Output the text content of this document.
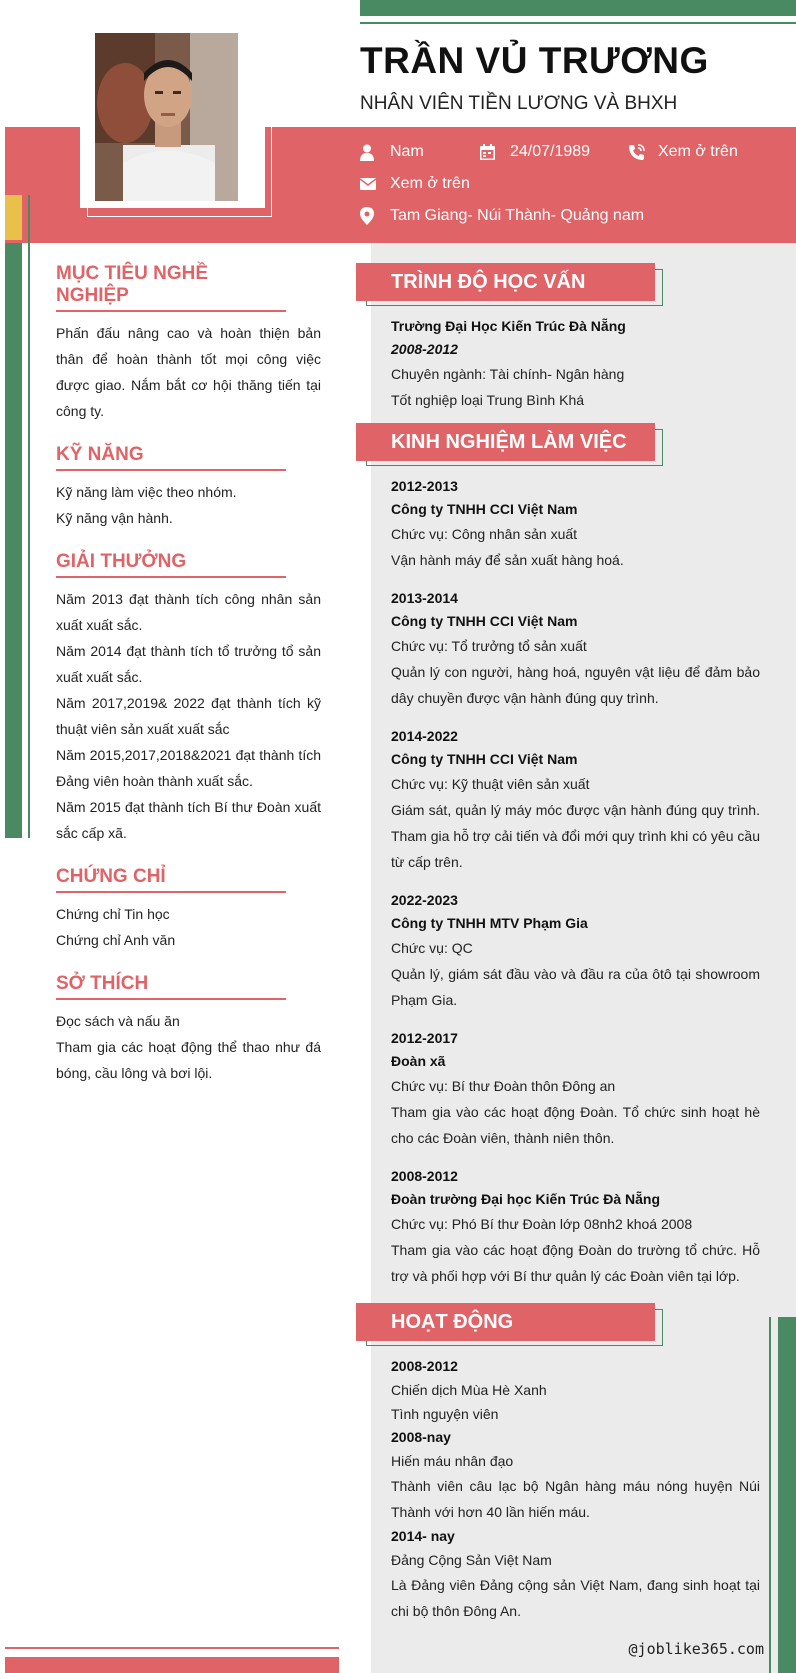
TRẦN VỦ TRƯƠNG
NHÂN VIÊN TIỀN LƯƠNG VÀ BHXH
Nam	24/07/1989	Xem ở trên
Xem ở trên
Tam Giang- Núi Thành- Quảng nam
MỤC TIÊU NGHỀ NGHIỆP
Phấn đấu nâng cao và hoàn thiện bản thân để hoàn thành tốt mọi công việc được giao. Nắm bắt cơ hội thăng tiến tại công ty.
KỸ NĂNG
Kỹ năng làm việc theo nhóm.
Kỹ năng vận hành.
GIẢI THƯỞNG
Năm 2013 đạt thành tích công nhân sản xuất xuất sắc.
Năm 2014 đạt thành tích tổ trưởng tổ sản xuất xuất sắc.
Năm 2017,2019& 2022 đạt thành tích kỹ thuật viên sản xuất xuất sắc
Năm 2015,2017,2018&2021 đạt thành tích Đảng viên hoàn thành xuất sắc.
Năm 2015 đạt thành tích Bí thư Đoàn xuất sắc cấp xã.
CHỨNG CHỈ
Chứng chỉ Tin học
Chứng chỉ Anh văn
SỞ THÍCH
Đọc sách và nấu ăn
Tham gia các hoạt động thể thao như đá bóng, cầu lông và bơi lội.
TRÌNH ĐỘ HỌC VẤN
Trường Đại Học Kiến Trúc Đà Nẵng
2008-2012
Chuyên ngành: Tài chính- Ngân hàng
Tốt nghiệp loại Trung Bình Khá
KINH NGHIỆM LÀM VIỆC
2012-2013
Công ty TNHH CCI Việt Nam
Chức vụ: Công nhân sản xuất
Vận hành máy để sản xuất hàng hoá.
2013-2014
Công ty TNHH CCI Việt Nam
Chức vụ: Tổ trưởng tổ sản xuất
Quản lý con người, hàng hoá, nguyên vật liệu để đảm bảo dây chuyền được vận hành đúng quy trình.
2014-2022
Công ty TNHH CCI Việt Nam
Chức vụ: Kỹ thuật viên sản xuất
Giám sát, quản lý máy móc được vận hành đúng quy trình. Tham gia hỗ trợ cải tiến và đổi mới quy trình khi có yêu cầu từ cấp trên.
2022-2023
Công ty TNHH MTV Phạm Gia
Chức vụ: QC
Quản lý, giám sát đầu vào và đầu ra của ôtô tại showroom Phạm Gia.
2012-2017
Đoàn xã
Chức vụ: Bí thư Đoàn thôn Đông an
Tham gia vào các hoạt động Đoàn. Tổ chức sinh hoạt hè cho các Đoàn viên, thành niên thôn.
2008-2012
Đoàn trường Đại học Kiến Trúc Đà Nẵng
Chức vụ: Phó Bí thư Đoàn lớp 08nh2 khoá 2008
Tham gia vào các hoạt động Đoàn do trường tổ chức. Hỗ trợ và phối hợp với Bí thư quản lý các Đoàn viên tại lớp.
HOẠT ĐỘNG
2008-2012
Chiến dịch Mùa Hè Xanh
Tình nguyện viên
2008-nay
Hiến máu nhân đạo
Thành viên câu lạc bộ Ngân hàng máu nóng huyện Núi Thành với hơn 40 lần hiến máu.
2014- nay
Đảng Cộng Sản Việt Nam
Là Đảng viên Đảng cộng sản Việt Nam, đang sinh hoạt tại chi bộ thôn Đông An.
@joblike365.com
